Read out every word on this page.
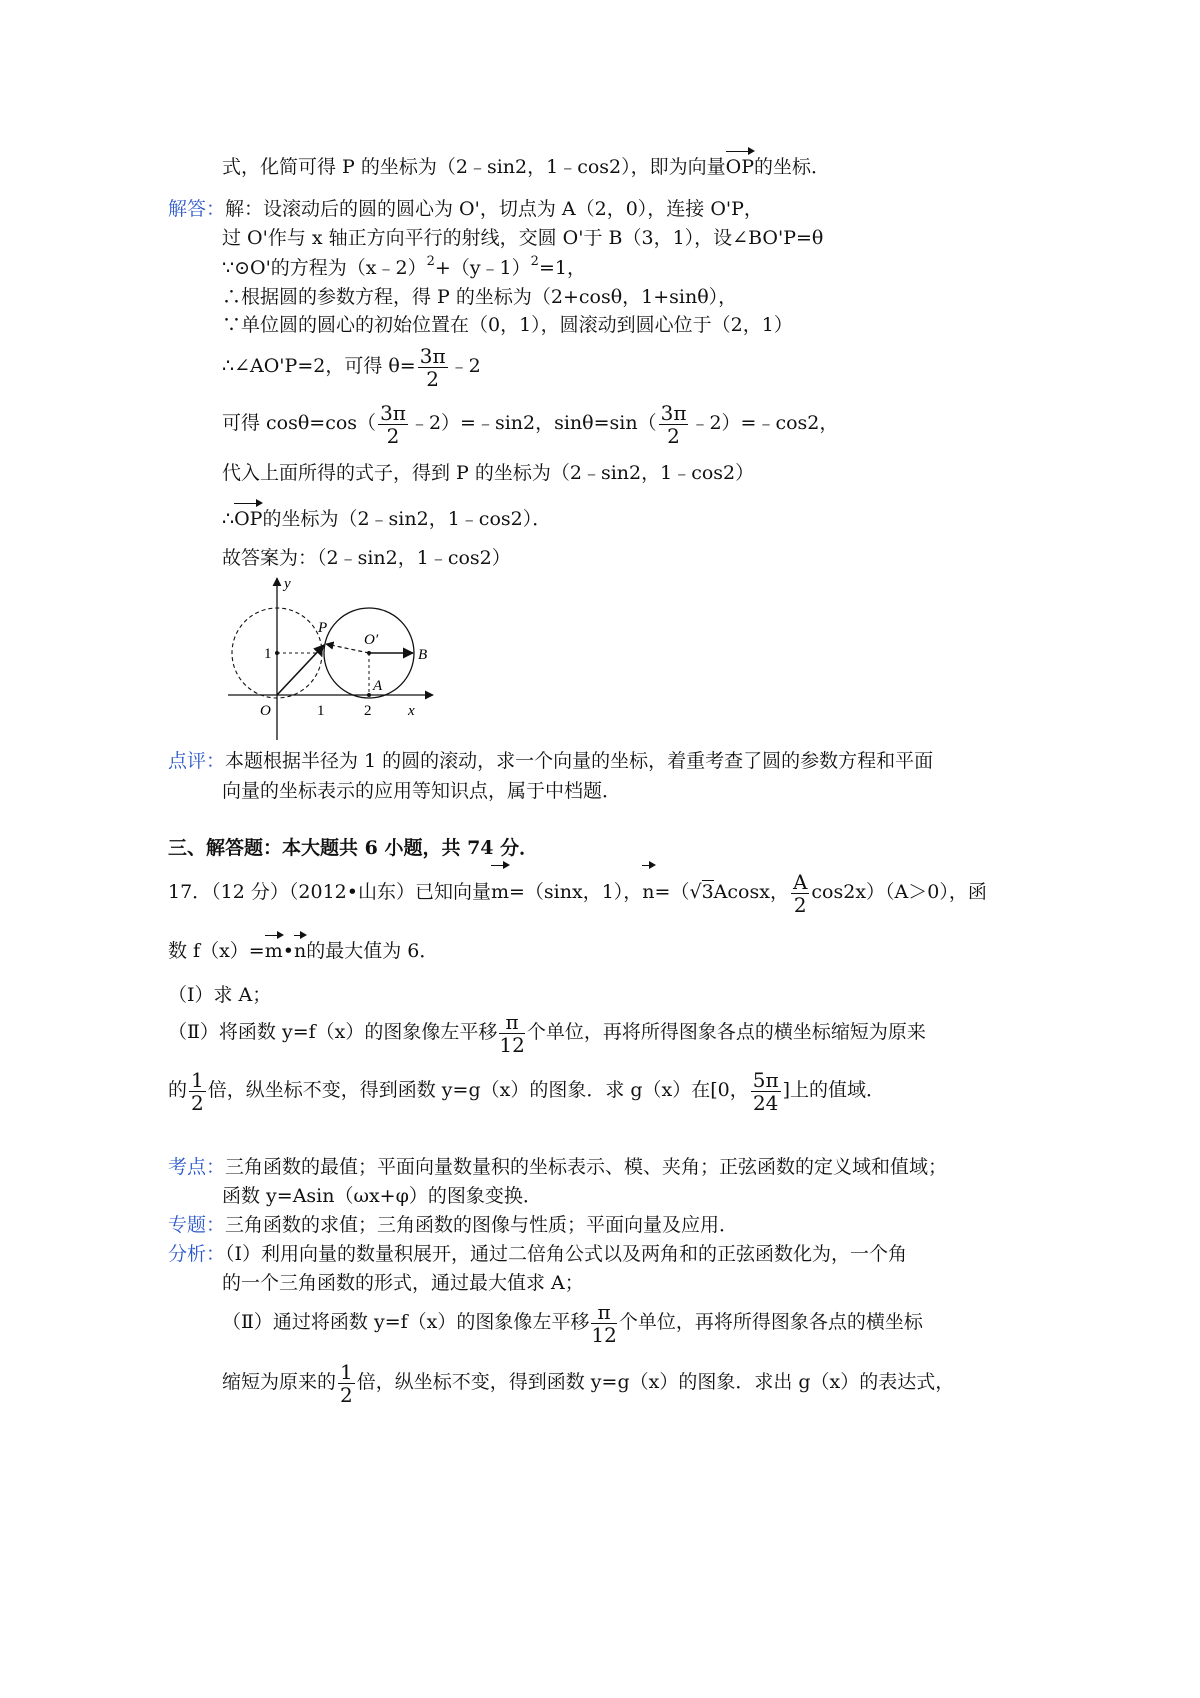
式，化简可得 P 的坐标为（2﹣sin2，1﹣cos2），即为向量OP的坐标．
解答：解：设滚动后的圆的圆心为 O'，切点为 A（2，0），连接 O'P，
过 O'作与 x 轴正方向平行的射线，交圆 O'于 B（3，1），设∠BO'P=θ
∵⊙O'的方程为（x﹣2）$^2$+（y﹣1）$^2$=1，
∴根据圆的参数方程，得 P 的坐标为（2+cosθ，1+sinθ），
∵单位圆的圆心的初始位置在（0，1），圆滚动到圆心位于（2，1）
∴∠AO'P=2，可得 $\theta= \frac{3\pi}{2}$ ﹣2
可得 $\cos\theta=\cos( \frac{3\pi}{2}$ ﹣2）=﹣sin2，$\sin\theta=\sin( \frac{3\pi}{2}$ ﹣2）=﹣cos2，
代入上面所得的式子，得到 P 的坐标为（2﹣sin2，1﹣cos2）
∴OP的坐标为（2﹣sin2，1﹣cos2）．
故答案为：（2﹣sin2，1﹣cos2）
y
x
O	1	2
1
P
O′
B
A
点评：本题根据半径为 1 的圆的滚动，求一个向量的坐标，着重考查了圆的参数方程和平面
向量的坐标表示的应用等知识点，属于中档题．
三、解答题：本大题共 6 小题，共 74 分．
17．（12 分）（2012•山东）已知向量m=（sinx，1），n=（√3Acosx， $\frac{A}{2} \cos 2x)(A>0)$，函
数 f（x）=m•n的最大值为 6．
（Ⅰ）求 A；
（Ⅱ）将函数 y=f（x）的图象像左平移 $\frac{\pi}{12}$ 个单位，再将所得图象各点的横坐标缩短为原来
的 $\frac{1}{2}$ 倍，纵坐标不变，得到函数 y=g（x）的图象．求 g（x）在[0， $\frac{5\pi}{24}$ ]上的值域．
考点：三角函数的最值；平面向量数量积的坐标表示、模、夹角；正弦函数的定义域和值域；
函数 y=Asin（ωx+φ）的图象变换．
专题：三角函数的求值；三角函数的图像与性质；平面向量及应用．
分析：（Ⅰ）利用向量的数量积展开，通过二倍角公式以及两角和的正弦函数化为，一个角
的一个三角函数的形式，通过最大值求 A；
（Ⅱ）通过将函数 y=f（x）的图象像左平移 $\frac{\pi}{12}$ 个单位，再将所得图象各点的横坐标
缩短为原来的 $\frac{1}{2}$ 倍，纵坐标不变，得到函数 y=g（x）的图象．求出 g（x）的表达式，
